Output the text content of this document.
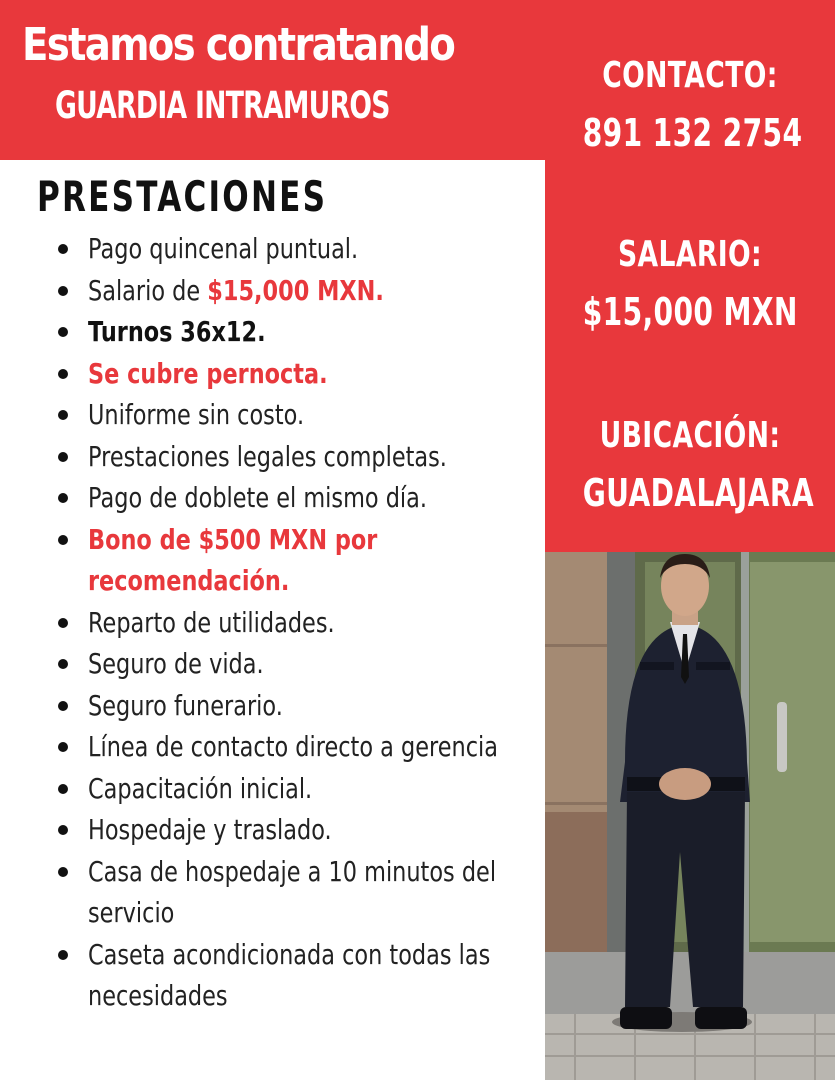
Estamos contratando
GUARDIA INTRAMUROS
CONTACTO:
891 132 2754
SALARIO:
$15,000 MXN
UBICACIÓN:
GUADALAJARA
PRESTACIONES
Pago quincenal puntual.
Salario de $15,000 MXN.
Turnos 36x12.
Se cubre pernocta.
Uniforme sin costo.
Prestaciones legales completas.
Pago de doblete el mismo día.
Bono de $500 MXN por recomendación.
Reparto de utilidades.
Seguro de vida.
Seguro funerario.
Línea de contacto directo a gerencia
Capacitación inicial.
Hospedaje y traslado.
Casa de hospedaje a 10 minutos del servicio
Caseta acondicionada con todas las necesidades
